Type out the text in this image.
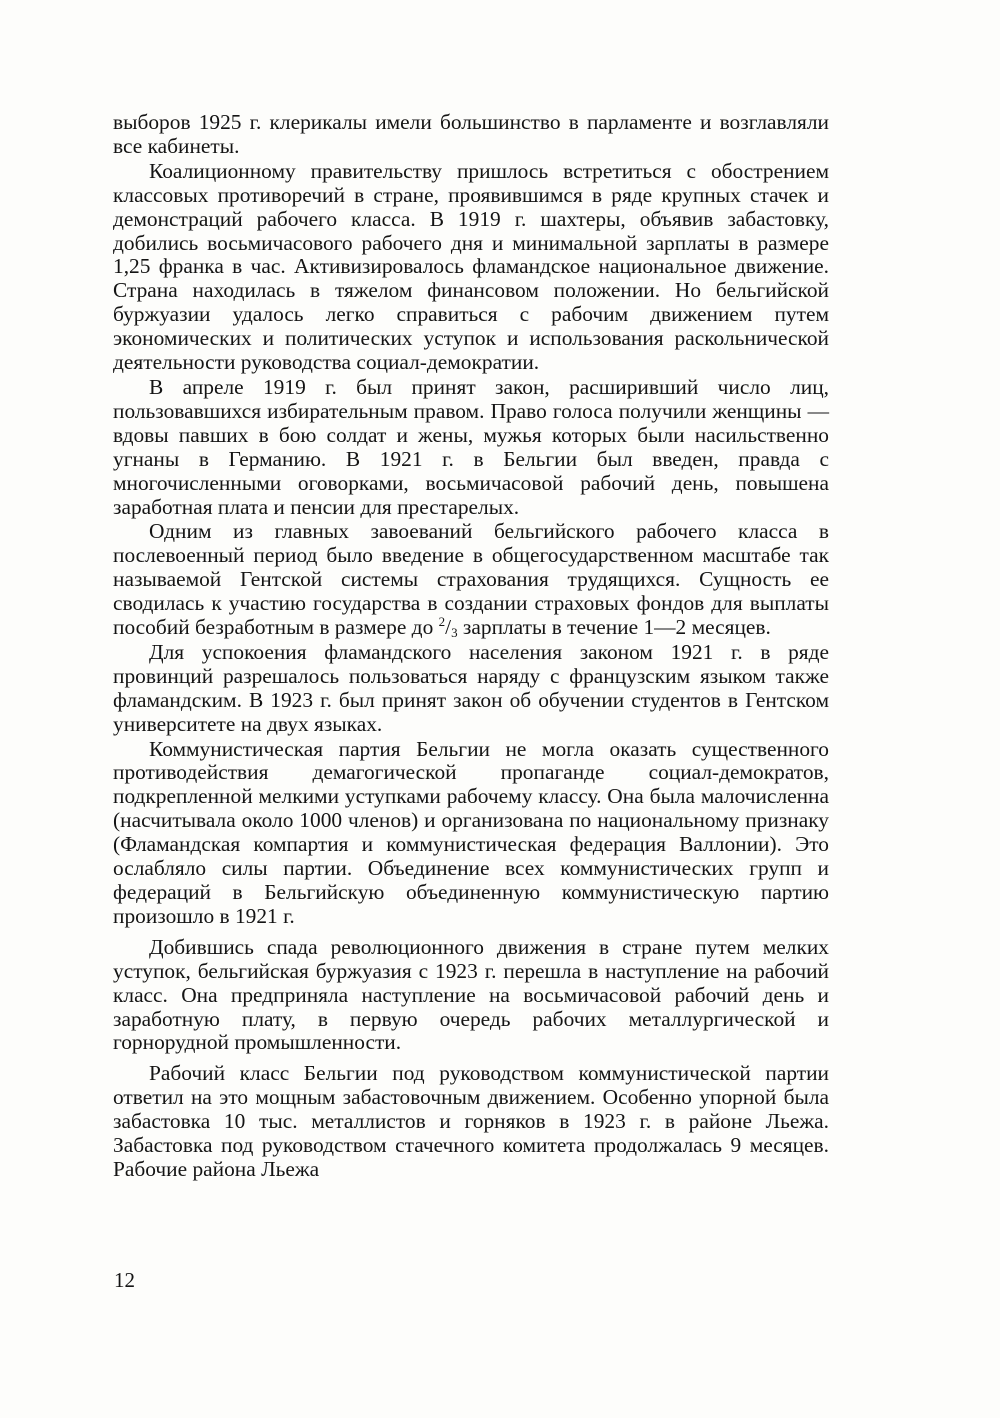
выборов 1925 г. клерикалы имели большинство в парламенте и возглавляли все кабинеты.

Коалиционному правительству пришлось встретиться с обострением классовых противоречий в стране, проявившимся в ряде крупных стачек и демонстраций рабочего класса. В 1919 г. шахтеры, объявив забастовку, добились восьмичасового рабочего дня и минимальной зарплаты в размере 1,25 франка в час. Активизировалось фламандское национальное движение. Страна находилась в тяжелом финансовом положении. Но бельгийской буржуазии удалось легко справиться с рабочим движением путем экономических и политических уступок и использования раскольнической деятельности руководства социал-демократии.

В апреле 1919 г. был принят закон, расширивший число лиц, пользовавшихся избирательным правом. Право голоса получили женщины — вдовы павших в бою солдат и жены, мужья которых были насильственно угнаны в Германию. В 1921 г. в Бельгии был введен, правда с многочисленными оговорками, восьмичасовой рабочий день, повышена заработная плата и пенсии для престарелых.

Одним из главных завоеваний бельгийского рабочего класса в послевоенный период было введение в общегосударственном масштабе так называемой Гентской системы страхования трудящихся. Сущность ее сводилась к участию государства в создании страховых фондов для выплаты пособий безработным в размере до $^2/_3$ зарплаты в течение 1—2 месяцев.

Для успокоения фламандского населения законом 1921 г. в ряде провинций разрешалось пользоваться наряду с французским языком также фламандским. В 1923 г. был принят закон об обучении студентов в Гентском университете на двух языках.

Коммунистическая партия Бельгии не могла оказать существенного противодействия демагогической пропаганде социал-демократов, подкрепленной мелкими уступками рабочему классу. Она была малочисленна (насчитывала около 1000 членов) и организована по национальному признаку (Фламандская компартия и коммунистическая федерация Валлонии). Это ослабляло силы партии. Объединение всех коммунистических групп и федераций в Бельгийскую объединенную коммунистическую партию произошло в 1921 г.

Добившись спада революционного движения в стране путем мелких уступок, бельгийская буржуазия с 1923 г. перешла в наступление на рабочий класс. Она предприняла наступление на восьмичасовой рабочий день и заработную плату, в первую очередь рабочих металлургической и горнорудной промышленности.

Рабочий класс Бельгии под руководством коммунистической партии ответил на это мощным забастовочным движением. Особенно упорной была забастовка 10 тыс. металлистов и горняков в 1923 г. в районе Льежа. Забастовка под руководством стачечного комитета продолжалась 9 месяцев. Рабочие района Льежа

12
